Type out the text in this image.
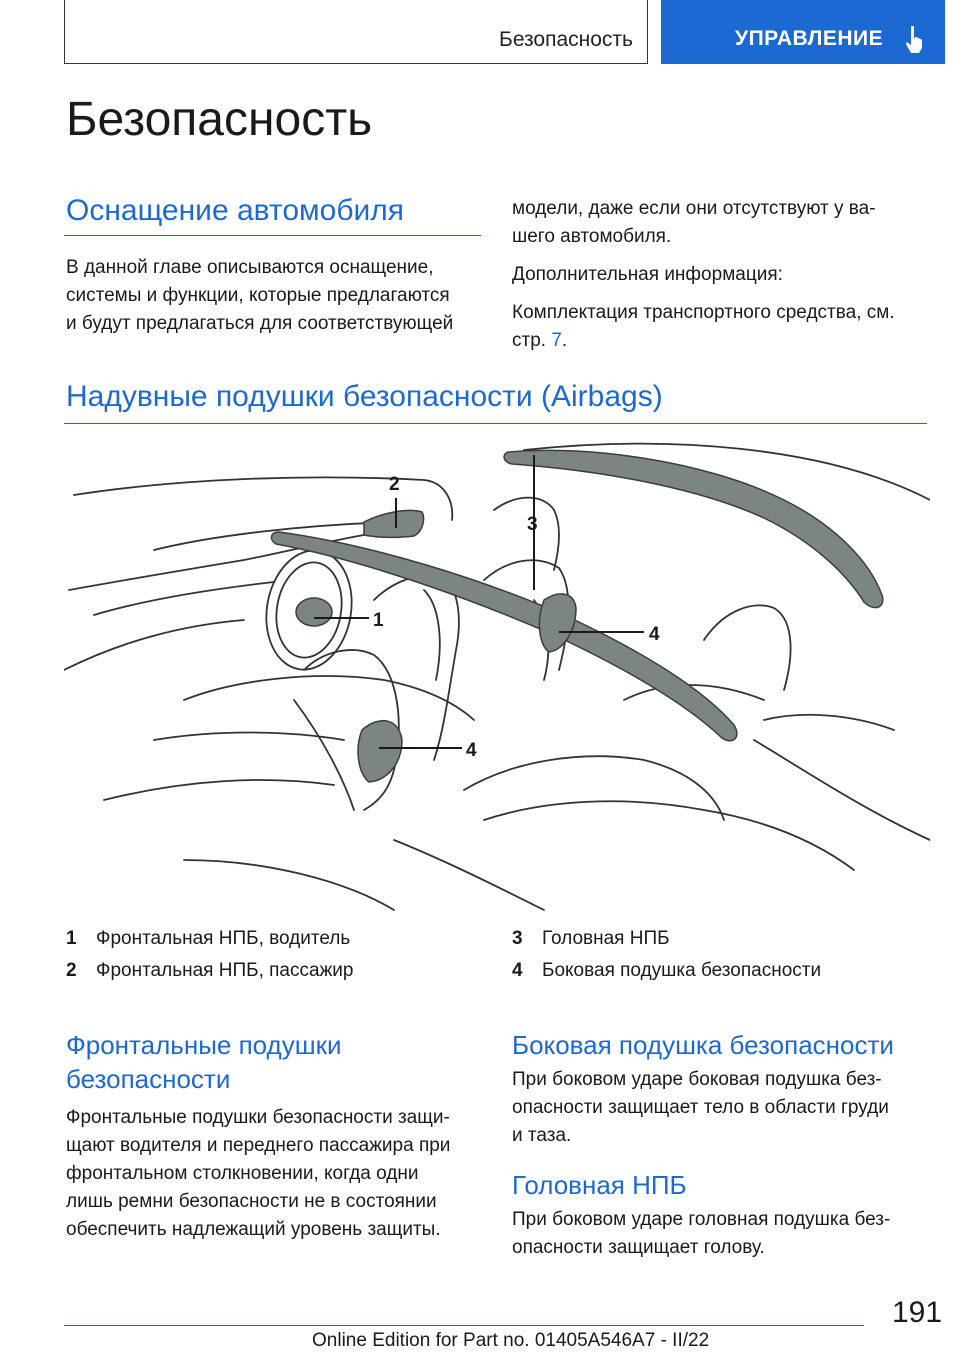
Безопасность	УПРАВЛЕНИЕ
Безопасность
Оснащение автомобиля

В данной главе описываются оснащение,

системы и функции, которые предлагаются

и будут предлагаться для соответствующей

модели, даже если они отсутствуют у ва-

шего автомобиля.

Дополнительная информация:

Комплектация транспортного средства, см.

стр. 7.

Надувные подушки безопасности (Airbags)
1
2
3
4
4
1 Фронтальная НПБ, водитель
2 Фронтальная НПБ, пассажир
3 Головная НПБ
4 Боковая подушка безопасности
Фронтальные подушки
безопасности

Фронтальные подушки безопасности защи-

щают водителя и переднего пассажира при

фронтальном столкновении, когда одни

лишь ремни безопасности не в состоянии

обеспечить надлежащий уровень защиты.

Боковая подушка безопасности

При боковом ударе боковая подушка без-

опасности защищает тело в области груди

и таза.

Головная НПБ

При боковом ударе головная подушка без-

опасности защищает голову.

191
Online Edition for Part no. 01405A546A7 - II/22
